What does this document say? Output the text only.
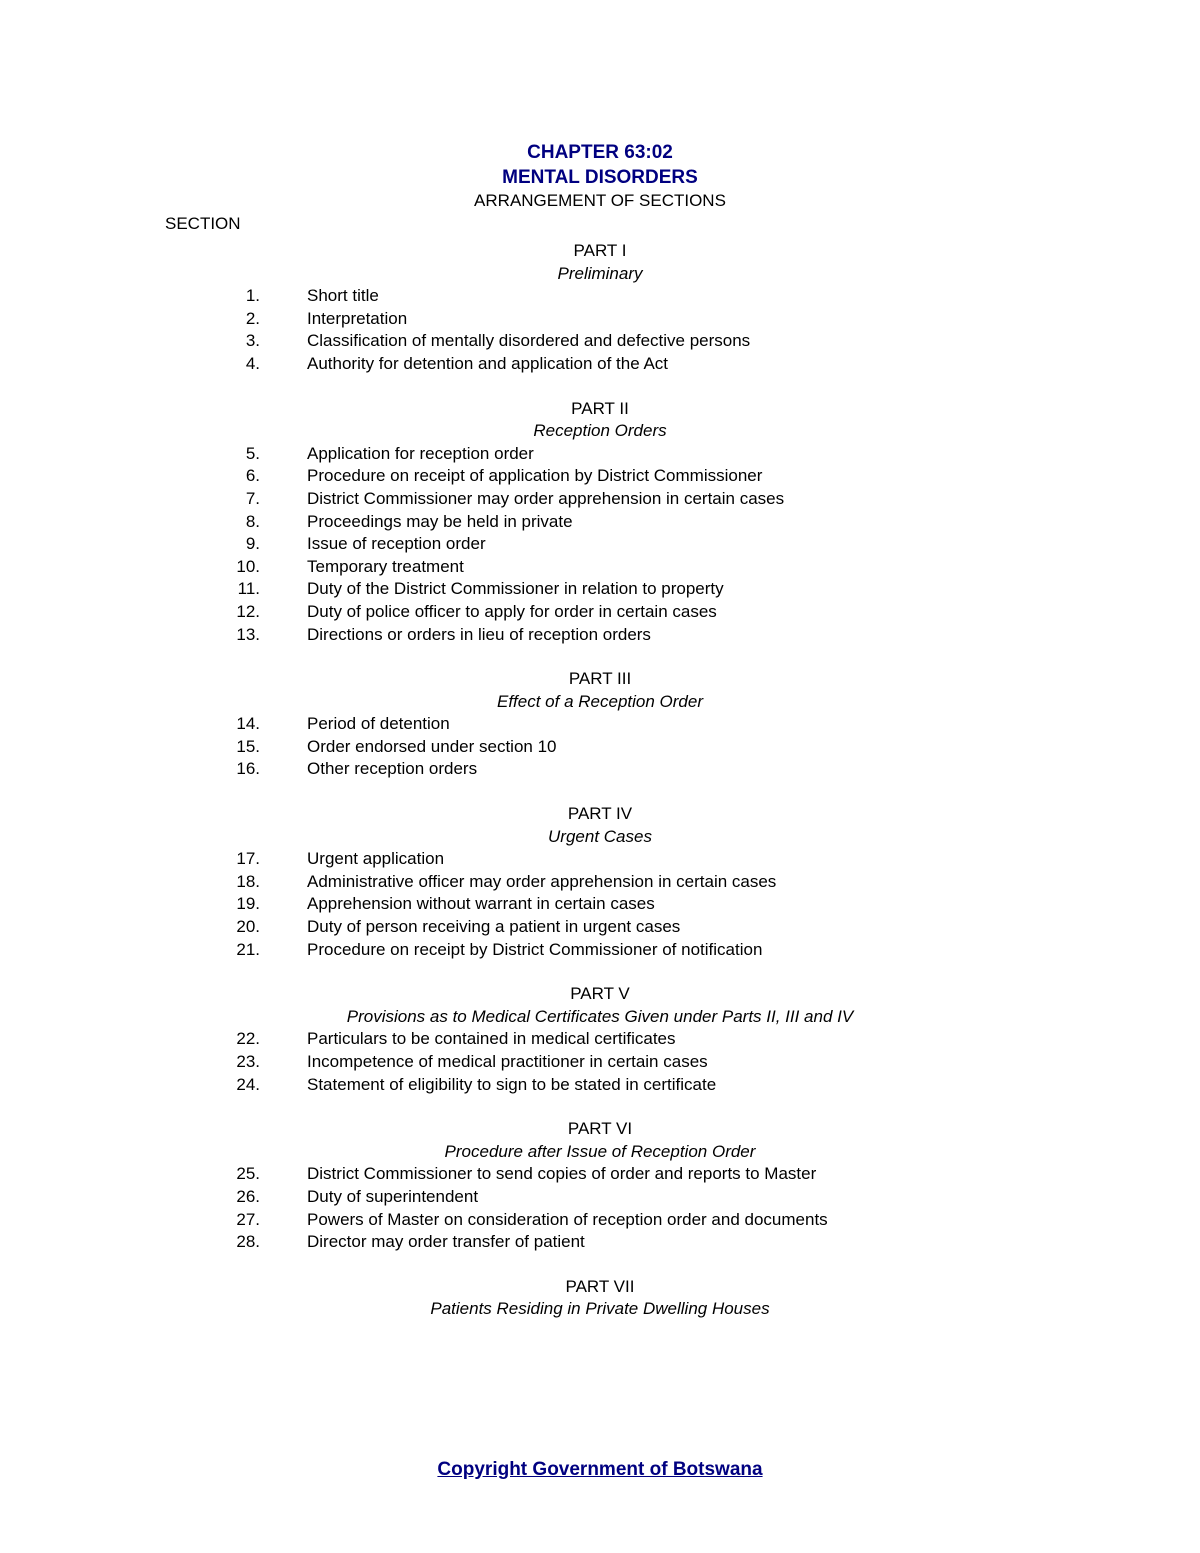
CHAPTER 63:02
MENTAL DISORDERS
ARRANGEMENT OF SECTIONS
SECTION
PART I
Preliminary
1.	Short title
2.	Interpretation
3.	Classification of mentally disordered and defective persons
4.	Authority for detention and application of the Act
PART II
Reception Orders
5.	Application for reception order
6.	Procedure on receipt of application by District Commissioner
7.	District Commissioner may order apprehension in certain cases
8.	Proceedings may be held in private
9.	Issue of reception order
10.	Temporary treatment
11.	Duty of the District Commissioner in relation to property
12.	Duty of police officer to apply for order in certain cases
13.	Directions or orders in lieu of reception orders
PART III
Effect of a Reception Order
14.	Period of detention
15.	Order endorsed under section 10
16.	Other reception orders
PART IV
Urgent Cases
17.	Urgent application
18.	Administrative officer may order apprehension in certain cases
19.	Apprehension without warrant in certain cases
20.	Duty of person receiving a patient in urgent cases
21.	Procedure on receipt by District Commissioner of notification
PART V
Provisions as to Medical Certificates Given under Parts II, III and IV
22.	Particulars to be contained in medical certificates
23.	Incompetence of medical practitioner in certain cases
24.	Statement of eligibility to sign to be stated in certificate
PART VI
Procedure after Issue of Reception Order
25.	District Commissioner to send copies of order and reports to Master
26.	Duty of superintendent
27.	Powers of Master on consideration of reception order and documents
28.	Director may order transfer of patient
PART VII
Patients Residing in Private Dwelling Houses
Copyright Government of Botswana
